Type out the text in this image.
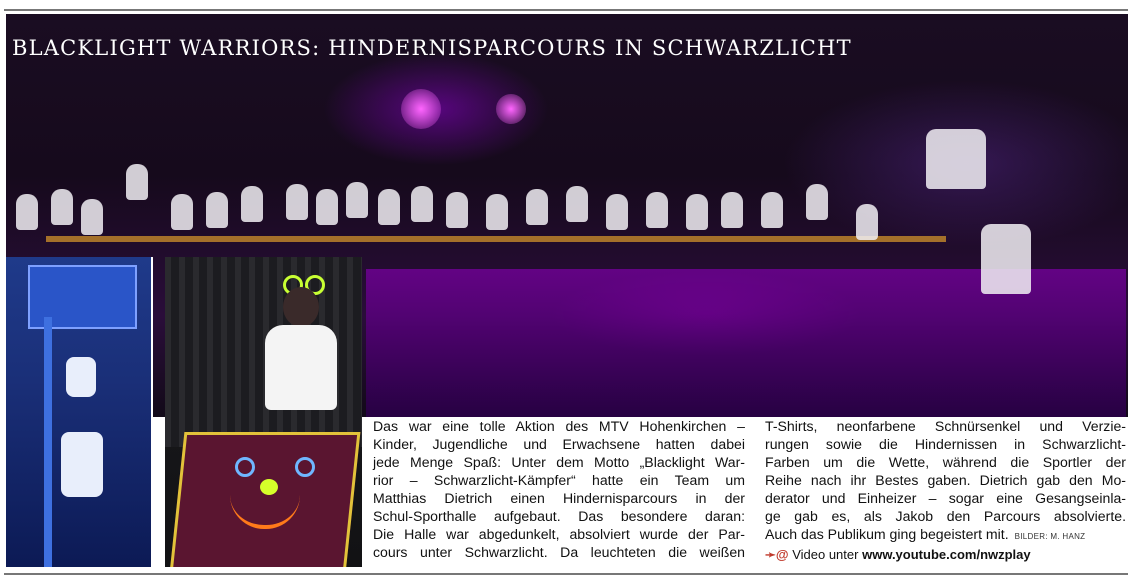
BLACKLIGHT WARRIORS: HINDERNISPARCOURS IN SCHWARZLICHT
Das war eine tolle Aktion des MTV Hohenkirchen –
Kinder, Jugendliche und Erwachsene hatten dabei
jede Menge Spaß: Unter dem Motto „Blacklight War-
rior – Schwarzlicht-Kämpfer“ hatte ein Team um
Matthias Dietrich einen Hindernisparcours in der
Schul-Sporthalle aufgebaut. Das besondere daran:
Die Halle war abgedunkelt, absolviert wurde der Par-
cours unter Schwarzlicht. Da leuchteten die weißen
T-Shirts, neonfarbene Schnürsenkel und Verzie-
rungen sowie die Hindernissen in Schwarzlicht-
Farben um die Wette, während die Sportler der
Reihe nach ihr Bestes gaben. Dietrich gab den Mo-
derator und Einheizer – sogar eine Gesangseinla-
ge gab es, als Jakob den Parcours absolvierte.
Auch das Publikum ging begeistert mit. BILDER: M. HANZ
➛@ Video unter www.youtube.com/nwzplay
